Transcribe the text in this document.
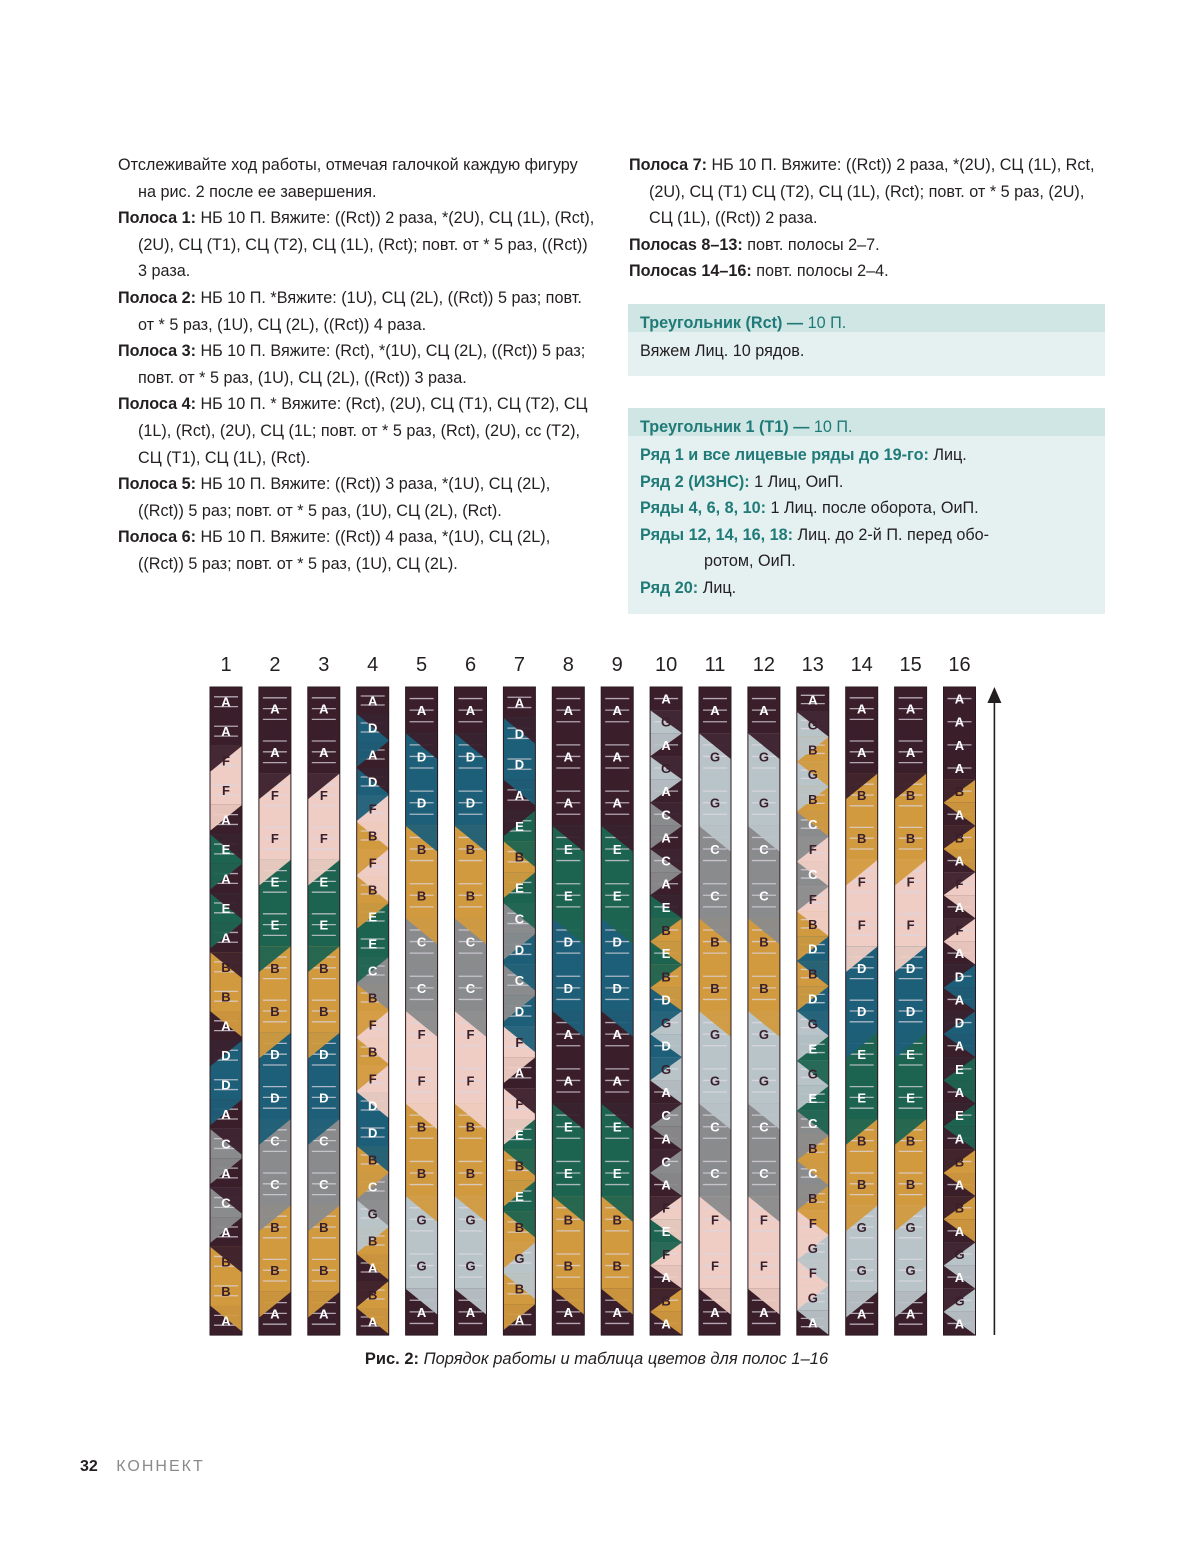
Отслеживайте ход работы, отмечая галочкой каждую фигуру на рис. 2 после ее завершения.

Полоса 1: НБ 10 П. Вяжите: ((Rct)) 2 раза, *(2U), СЦ (1L), (Rct), (2U), СЦ (T1), СЦ (T2), СЦ (1L), (Rct); повт. от * 5 раз, ((Rct)) 3 раза.

Полоса 2: НБ 10 П. *Вяжите: (1U), СЦ (2L), ((Rct)) 5 раз; повт. от * 5 раз, (1U), СЦ (2L), ((Rct)) 4 раза.

Полоса 3: НБ 10 П. Вяжите: (Rct), *(1U), СЦ (2L), ((Rct)) 5 раз; повт. от * 5 раз, (1U), СЦ (2L), ((Rct)) 3 раза.

Полоса 4: НБ 10 П. * Вяжите: (Rct), (2U), СЦ (T1), СЦ (T2), СЦ (1L), (Rct), (2U), СЦ (1L; повт. от * 5 раз, (Rct), (2U), сс (T2), СЦ (T1), СЦ (1L), (Rct).

Полоса 5: НБ 10 П. Вяжите: ((Rct)) 3 раза, *(1U), СЦ (2L), ((Rct)) 5 раз; повт. от * 5 раз, (1U), СЦ (2L), (Rct).

Полоса 6: НБ 10 П. Вяжите: ((Rct)) 4 раза, *(1U), СЦ (2L), ((Rct)) 5 раз; повт. от * 5 раз, (1U), СЦ (2L).

Полоса 7: НБ 10 П. Вяжите: ((Rct)) 2 раза, *(2U), СЦ (1L), Rct, (2U), СЦ (T1) СЦ (T2), СЦ (1L), (Rct); повт. от * 5 раз, (2U), СЦ (1L), ((Rct)) 2 раза.

Полосas 8–13: повт. полосы 2–7.

Полосas 14–16: повт. полосы 2–4.

Треугольник (Rct) — 10 П.
Вяжем Лиц. 10 рядов.
Треугольник 1 (T1) — 10 П.
Ряд 1 и все лицевые ряды до 19-го: Лиц.
Ряд 2 (ИЗНС): 1 Лиц, ОиП.
Ряды 4, 6, 8, 10: 1 Лиц. после оборота, ОиП.
Ряды 12, 14, 16, 18: Лиц. до 2-й П. перед обо-
ротом, ОиП.
Ряд 20: Лиц.
1
A
A
F
F
A
E
A
E
A
B
B
A
D
D
A
C
A
C
A
B
B
A
2
A
A
F
F
E
E
B
B
D
D
C
C
B
B
A
3
A
A
F
F
E
E
B
B
D
D
C
C
B
B
A
4
A
D
A
D
F
B
F
B
E
E
C
B
F
B
F
D
D
B
C
G
B
A
B
A
5
A
D
D
B
B
C
C
F
F
B
B
G
G
A
6
A
D
D
B
B
C
C
F
F
B
B
G
G
A
7
A
D
D
A
E
B
E
C
D
C
D
F
A
F
E
B
E
B
G
B
A
8
A
A
A
E
E
D
D
A
A
E
E
B
B
A
9
A
A
A
E
E
D
D
A
A
E
E
B
B
A
10
A
G
A
G
A
C
A
C
A
E
B
E
B
D
G
D
G
A
C
A
C
A
F
E
F
A
B
A
11
A
G
G
C
C
B
B
G
G
C
C
F
F
A
12
A
G
G
C
C
B
B
G
G
C
C
F
F
A
13
A
G
B
G
B
C
F
C
F
B
D
B
D
G
E
G
E
C
B
C
B
F
G
F
G
A
14
A
A
B
B
F
F
D
D
E
E
B
B
G
G
A
15
A
A
B
B
F
F
D
D
E
E
B
B
G
G
A
16
A
A
A
A
B
A
B
A
F
A
F
A
D
A
D
A
E
A
E
A
B
A
B
A
G
A
G
A
Рис. 2: Порядок работы и таблица цветов для полос 1–16
32 КОННЕКТ
